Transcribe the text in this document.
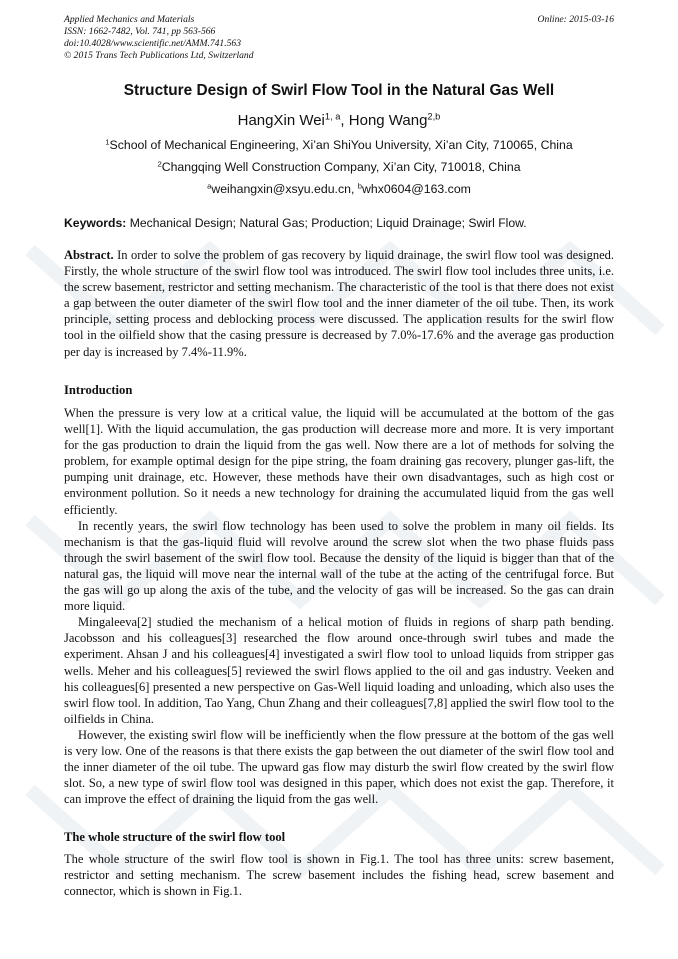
Applied Mechanics and Materials
ISSN: 1662-7482, Vol. 741, pp 563-566
doi:10.4028/www.scientific.net/AMM.741.563
© 2015 Trans Tech Publications Ltd, Switzerland
Online: 2015-03-16
Structure Design of Swirl Flow Tool in the Natural Gas Well
HangXin Wei$^{1, a}$, Hong Wang$^{2,b}$
$^1$School of Mechanical Engineering, Xi’an ShiYou University, Xi’an City, 710065, China
$^2$Changqing Well Construction Company, Xi’an City, 710018, China
$^a$weihangxin@xsyu.edu.cn, $^b$whx0604@163.com
Keywords: Mechanical Design; Natural Gas; Production; Liquid Drainage; Swirl Flow.

Abstract. In order to solve the problem of gas recovery by liquid drainage, the swirl flow tool was designed. Firstly, the whole structure of the swirl flow tool was introduced. The swirl flow tool includes three units, i.e. the screw basement, restrictor and setting mechanism. The characteristic of the tool is that there does not exist a gap between the outer diameter of the swirl flow tool and the inner diameter of the oil tube. Then, its work principle, setting process and deblocking process were discussed. The application results for the swirl flow tool in the oilfield show that the casing pressure is decreased by 7.0%-17.6% and the average gas production per day is increased by 7.4%-11.9%.

Introduction

When the pressure is very low at a critical value, the liquid will be accumulated at the bottom of the gas well[1]. With the liquid accumulation, the gas production will decrease more and more. It is very important for the gas production to drain the liquid from the gas well. Now there are a lot of methods for solving the problem, for example optimal design for the pipe string, the foam draining gas recovery, plunger gas-lift, the pumping unit drainage, etc. However, these methods have their own disadvantages, such as high cost or environment pollution. So it needs a new technology for draining the accumulated liquid from the gas well efficiently.

In recently years, the swirl flow technology has been used to solve the problem in many oil fields. Its mechanism is that the gas-liquid fluid will revolve around the screw slot when the two phase fluids pass through the swirl basement of the swirl flow tool. Because the density of the liquid is bigger than that of the natural gas, the liquid will move near the internal wall of the tube at the acting of the centrifugal force. But the gas will go up along the axis of the tube, and the velocity of gas will be increased. So the gas can drain more liquid.

Mingaleeva[2] studied the mechanism of a helical motion of fluids in regions of sharp path bending. Jacobsson and his colleagues[3] researched the flow around once-through swirl tubes and made the experiment. Ahsan J and his colleagues[4] investigated a swirl flow tool to unload liquids from stripper gas wells. Meher and his colleagues[5] reviewed the swirl flows applied to the oil and gas industry. Veeken and his colleagues[6] presented a new perspective on Gas-Well liquid loading and unloading, which also uses the swirl flow tool. In addition, Tao Yang, Chun Zhang and their colleagues[7,8] applied the swirl flow tool to the oilfields in China.

However, the existing swirl flow will be inefficiently when the flow pressure at the bottom of the gas well is very low. One of the reasons is that there exists the gap between the out diameter of the swirl flow tool and the inner diameter of the oil tube. The upward gas flow may disturb the swirl flow created by the swirl flow slot. So, a new type of swirl flow tool was designed in this paper, which does not exist the gap. Therefore, it can improve the effect of draining the liquid from the gas well.

The whole structure of the swirl flow tool

The whole structure of the swirl flow tool is shown in Fig.1. The tool has three units: screw basement, restrictor and setting mechanism. The screw basement includes the fishing head, screw basement and connector, which is shown in Fig.1.
